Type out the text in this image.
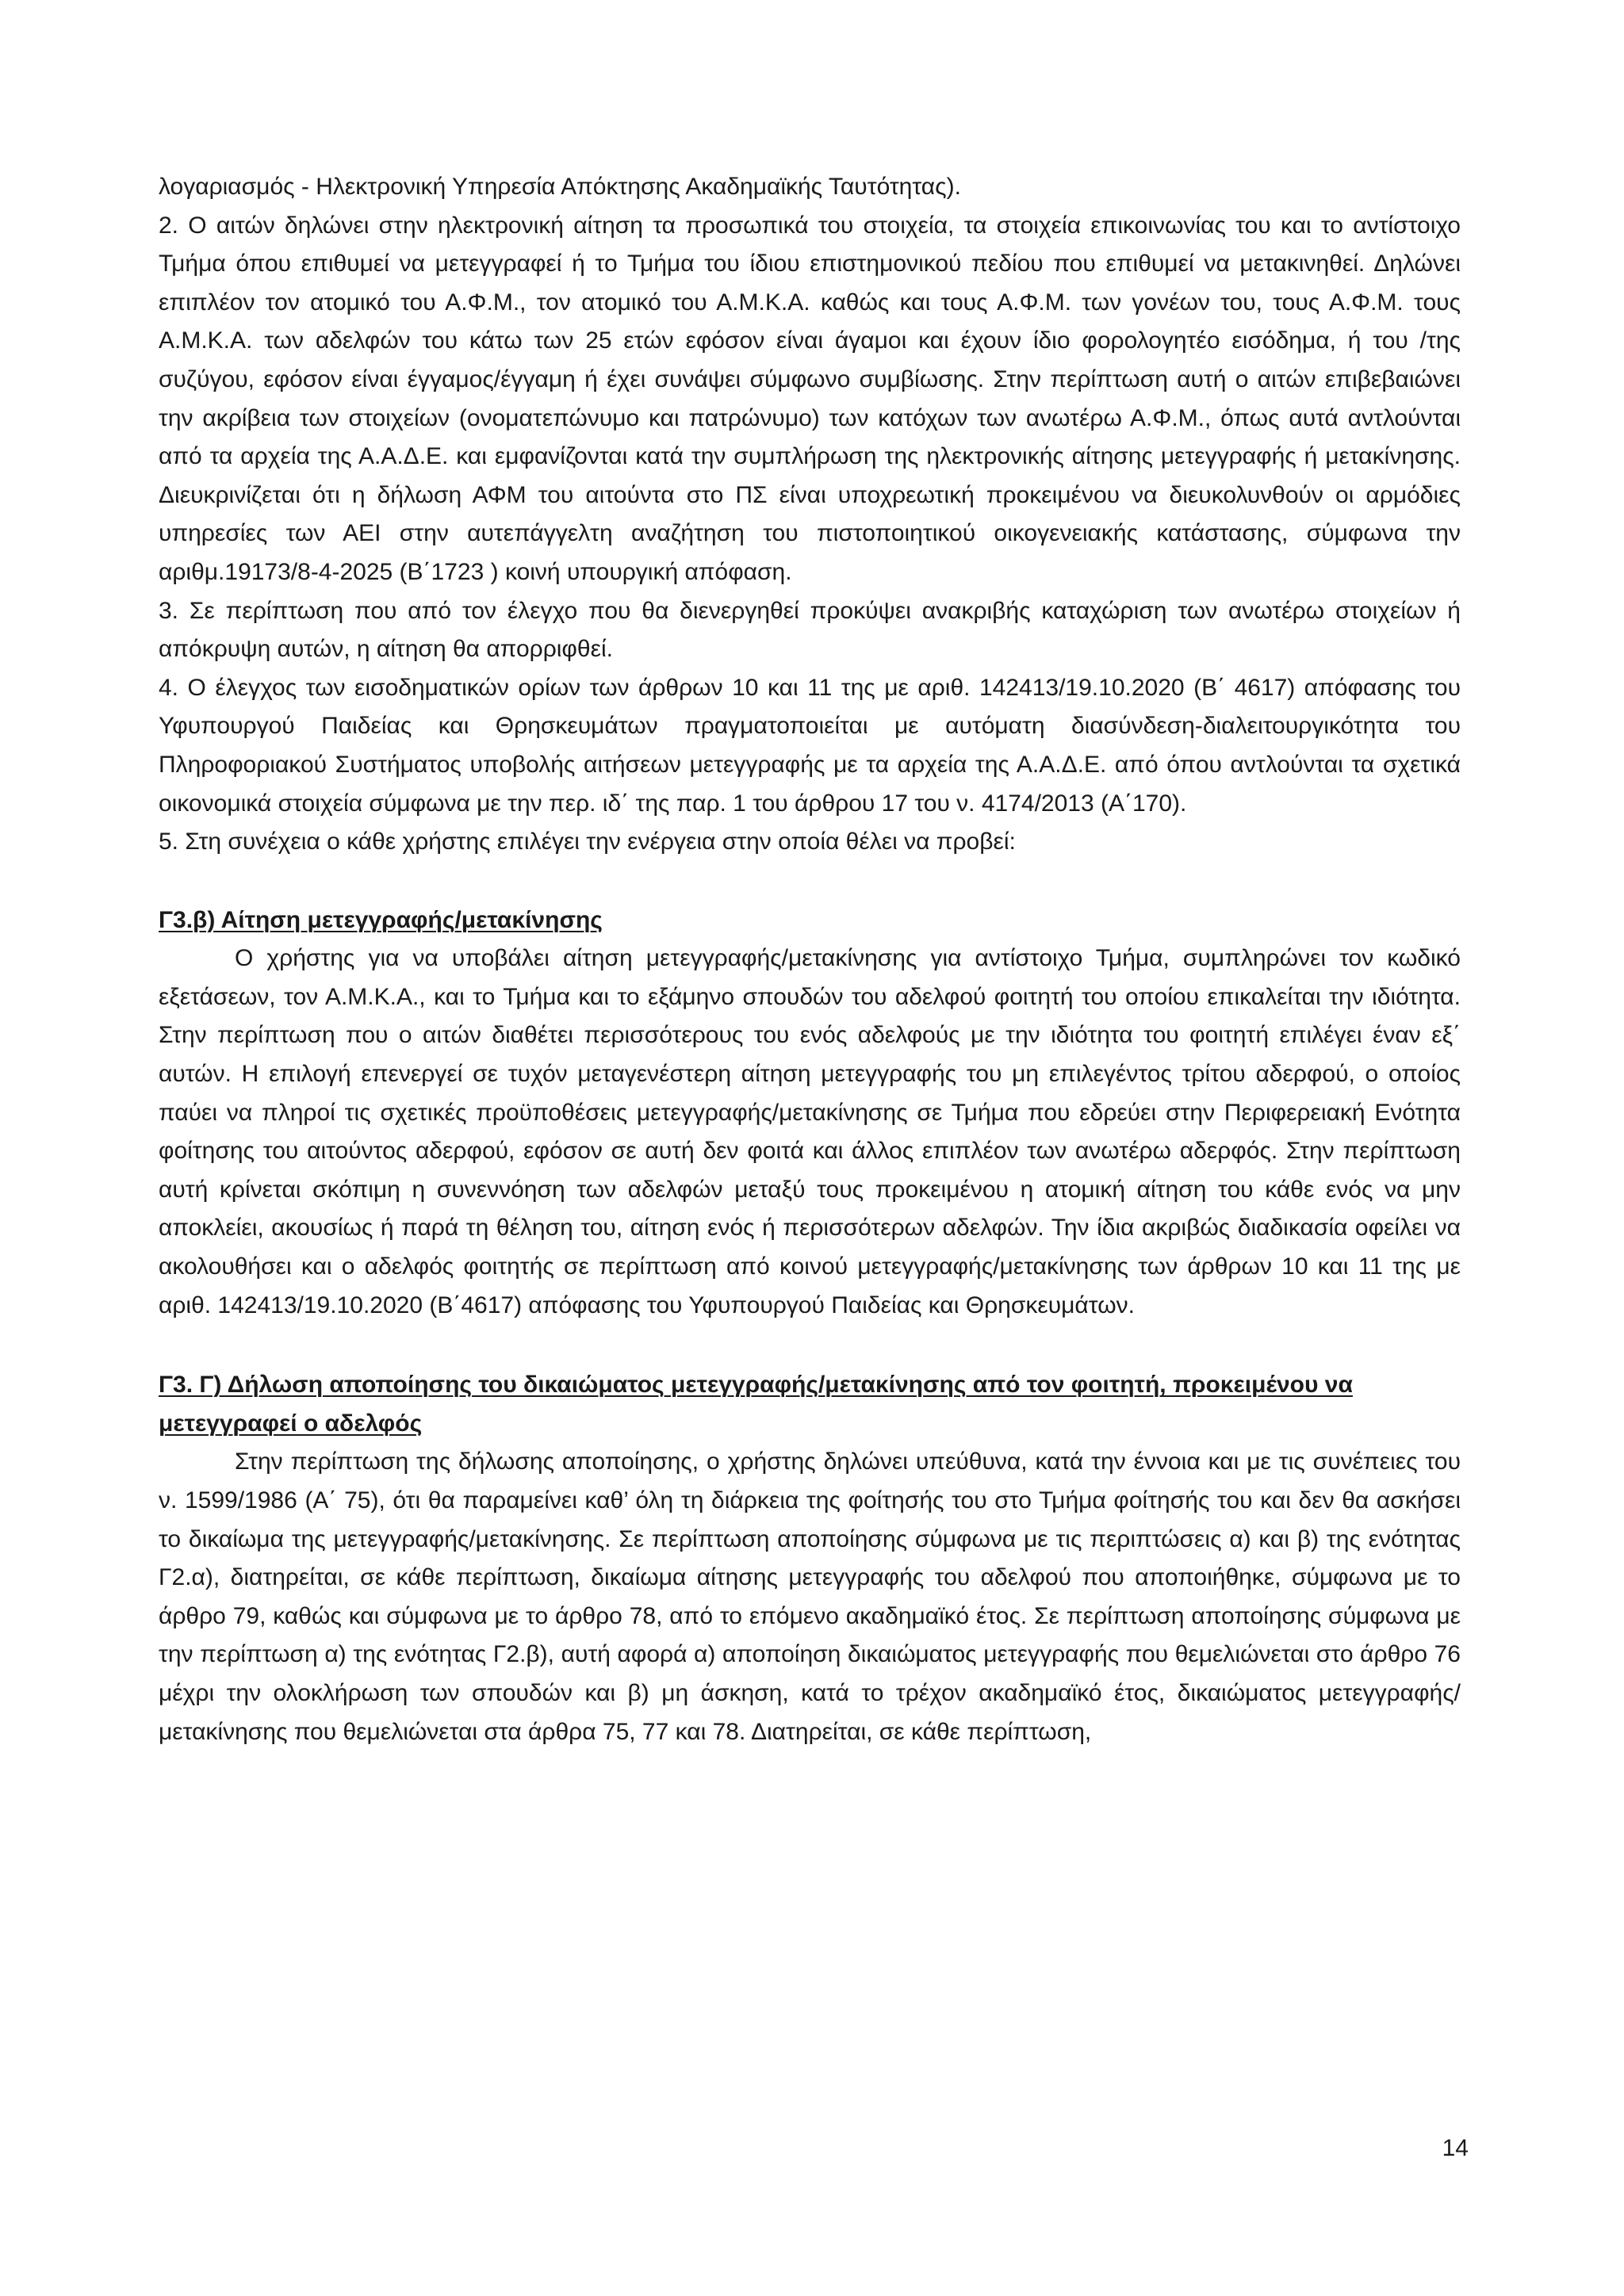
λογαριασμός - Ηλεκτρονική Υπηρεσία Απόκτησης Ακαδημαϊκής Ταυτότητας).

2. Ο αιτών δηλώνει στην ηλεκτρονική αίτηση τα προσωπικά του στοιχεία, τα στοιχεία επικοινωνίας του και το αντίστοιχο Τμήμα όπου επιθυμεί να μετεγγραφεί ή το Τμήμα του ίδιου επιστημονικού πεδίου που επιθυμεί να μετακινηθεί. Δηλώνει επιπλέον τον ατομικό του Α.Φ.Μ., τον ατομικό του Α.Μ.Κ.Α. καθώς και τους Α.Φ.Μ. των γονέων του, τους Α.Φ.Μ. τους Α.Μ.Κ.Α. των αδελφών του κάτω των 25 ετών εφόσον είναι άγαμοι και έχουν ίδιο φορολογητέο εισόδημα, ή του /της συζύγου, εφόσον είναι έγγαμος/έγγαμη ή έχει συνάψει σύμφωνο συμβίωσης. Στην περίπτωση αυτή ο αιτών επιβεβαιώνει την ακρίβεια των στοιχείων (ονοματεπώνυμο και πατρώνυμο) των κατόχων των ανωτέρω Α.Φ.Μ., όπως αυτά αντλούνται από τα αρχεία της Α.Α.Δ.Ε. και εμφανίζονται κατά την συμπλήρωση της ηλεκτρονικής αίτησης μετεγγραφής ή μετακίνησης. Διευκρινίζεται ότι η δήλωση ΑΦΜ του αιτούντα στο ΠΣ είναι υποχρεωτική προκειμένου να διευκολυνθούν οι αρμόδιες υπηρεσίες των ΑΕΙ στην αυτεπάγγελτη αναζήτηση του πιστοποιητικού οικογενειακής κατάστασης, σύμφωνα την αριθμ.19173/8-4-2025 (Β΄1723 ) κοινή υπουργική απόφαση.

3. Σε περίπτωση που από τον έλεγχο που θα διενεργηθεί προκύψει ανακριβής καταχώριση των ανωτέρω στοιχείων ή απόκρυψη αυτών, η αίτηση θα απορριφθεί.

4. Ο έλεγχος των εισοδηματικών ορίων των άρθρων 10 και 11 της με αριθ. 142413/19.10.2020 (Β΄ 4617) απόφασης του Υφυπουργού Παιδείας και Θρησκευμάτων πραγματοποιείται με αυτόματη διασύνδεση-διαλειτουργικότητα του Πληροφοριακού Συστήματος υποβολής αιτήσεων μετεγγραφής με τα αρχεία της Α.Α.Δ.Ε. από όπου αντλούνται τα σχετικά οικονομικά στοιχεία σύμφωνα με την περ. ιδ΄ της παρ. 1 του άρθρου 17 του ν. 4174/2013 (Α΄170).

5. Στη συνέχεια ο κάθε χρήστης επιλέγει την ενέργεια στην οποία θέλει να προβεί:

Γ3.β) Αίτηση μετεγγραφής/μετακίνησης

Ο χρήστης για να υποβάλει αίτηση μετεγγραφής/μετακίνησης για αντίστοιχο Τμήμα, συμπληρώνει τον κωδικό εξετάσεων, τον Α.Μ.Κ.Α., και το Τμήμα και το εξάμηνο σπουδών του αδελφού φοιτητή του οποίου επικαλείται την ιδιότητα. Στην περίπτωση που ο αιτών διαθέτει περισσότερους του ενός αδελφούς με την ιδιότητα του φοιτητή επιλέγει έναν εξ΄ αυτών. Η επιλογή επενεργεί σε τυχόν μεταγενέστερη αίτηση μετεγγραφής του μη επιλεγέντος τρίτου αδερφού, ο οποίος παύει να πληροί τις σχετικές προϋποθέσεις μετεγγραφής/μετακίνησης σε Τμήμα που εδρεύει στην Περιφερειακή Ενότητα φοίτησης του αιτούντος αδερφού, εφόσον σε αυτή δεν φοιτά και άλλος επιπλέον των ανωτέρω αδερφός. Στην περίπτωση αυτή κρίνεται σκόπιμη η συνεννόηση των αδελφών μεταξύ τους προκειμένου η ατομική αίτηση του κάθε ενός να μην αποκλείει, ακουσίως ή παρά τη θέληση του, αίτηση ενός ή περισσότερων αδελφών. Την ίδια ακριβώς διαδικασία οφείλει να ακολουθήσει και ο αδελφός φοιτητής σε περίπτωση από κοινού μετεγγραφής/μετακίνησης των άρθρων 10 και 11 της με αριθ. 142413/19.10.2020 (Β΄4617) απόφασης του Υφυπουργού Παιδείας και Θρησκευμάτων.

Γ3. Γ) Δήλωση αποποίησης του δικαιώματος μετεγγραφής/μετακίνησης από τον φοιτητή, προκειμένου να μετεγγραφεί ο αδελφός

Στην περίπτωση της δήλωσης αποποίησης, ο χρήστης δηλώνει υπεύθυνα, κατά την έννοια και με τις συνέπειες του ν. 1599/1986 (Α΄ 75), ότι θα παραμείνει καθ’ όλη τη διάρκεια της φοίτησής του στο Τμήμα φοίτησής του και δεν θα ασκήσει το δικαίωμα της μετεγγραφής/μετακίνησης. Σε περίπτωση αποποίησης σύμφωνα με τις περιπτώσεις α) και β) της ενότητας Γ2.α), διατηρείται, σε κάθε περίπτωση, δικαίωμα αίτησης μετεγγραφής του αδελφού που αποποιήθηκε, σύμφωνα με το άρθρο 79, καθώς και σύμφωνα με το άρθρο 78, από το επόμενο ακαδημαϊκό έτος. Σε περίπτωση αποποίησης σύμφωνα με την περίπτωση α) της ενότητας Γ2.β), αυτή αφορά α) αποποίηση δικαιώματος μετεγγραφής που θεμελιώνεται στο άρθρο 76 μέχρι την ολοκλήρωση των σπουδών και β) μη άσκηση, κατά το τρέχον ακαδημαϊκό έτος, δικαιώματος μετεγγραφής/μετακίνησης που θεμελιώνεται στα άρθρα 75, 77 και 78. Διατηρείται, σε κάθε περίπτωση,

14
